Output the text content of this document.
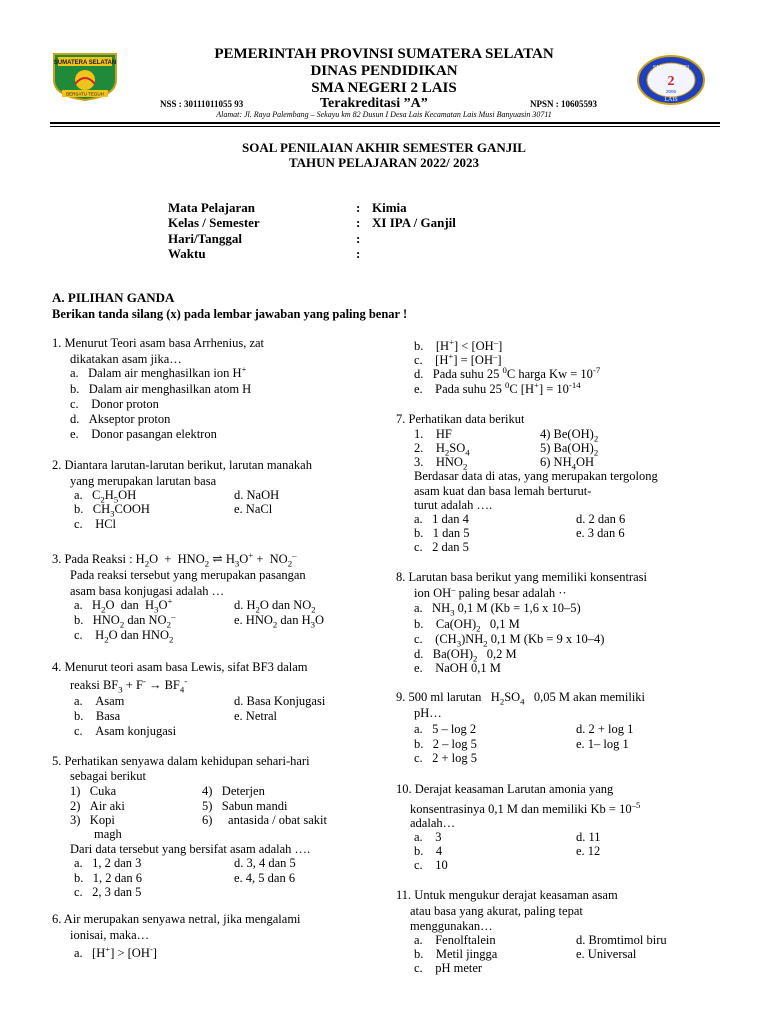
SUMATERA SELATAN
BERSATU TEGUH
SMA NEGERI
2
2006
LAIS
PEMERINTAH PROVINSI SUMATERA SELATAN
DINAS PENDIDIKAN
SMA NEGERI 2 LAIS
NSS : 30111011055 93	Terakreditasi ”A”	NPSN : 10605593
Alamat: Jl. Raya Palembang – Sekayu km 82 Dusun I Desa Lais Kecamatan Lais Musi Banyuasin 30711
SOAL PENILAIAN AKHIR SEMESTER GANJIL
TAHUN PELAJARAN 2022/ 2023
Mata Pelajaran	: Kimia
Kelas / Semester	: XI IPA / Ganjil
Hari/Tanggal	:
Waktu	:
A. PILIHAN GANDA
Berikan tanda silang (x) pada lembar jawaban yang paling benar !
1. Menurut Teori asam basa Arrhenius, zat
dikatakan asam jika…
a.   Dalam air menghasilkan ion H+
b.   Dalam air menghasilkan atom H
c.    Donor proton
d.   Akseptor proton
e.    Donor pasangan elektron
2. Diantara larutan-larutan berikut, larutan manakah
yang merupakan larutan basa
a.   $C_2H_5OH$	d. NaOH
b.   $CH_3COOH$	e. NaCl
c.    HCl
3. Pada Reaksi : $H_2O + HNO_2$ ⇌ $H_3O^+ + NO_2^-$
Pada reaksi tersebut yang merupakan pasangan
asam basa konjugasi adalah …
a.   $H_2O$  dan  $H_3O^+$	d. $H_2O$ dan $NO_2$
b.   $HNO_2$ dan $NO_2^-$	e. $HNO_2$ dan $H_3O$
c.    $H_2O$ dan $HNO_2$
4. Menurut teori asam basa Lewis, sifat BF3 dalam
reaksi $BF_3 + F^- \to BF_4^-$
a.    Asam	d. Basa Konjugasi
b.    Basa	e. Netral
c.    Asam konjugasi
5. Perhatikan senyawa dalam kehidupan sehari-hari
sebagai berikut
1)   Cuka	4)   Deterjen
2)   Air aki	5)   Sabun mandi
3)   Kopi	6)     antasida / obat sakit
magh
Dari data tersebut yang bersifat asam adalah ….
a.   1, 2 dan 3	d. 3, 4 dan 5
b.   1, 2 dan 6	e. 4, 5 dan 6
c.   2, 3 dan 5
6. Air merupakan senyawa netral, jika mengalami
ionisai, maka…
a.   [H+] > [OH-]
b.    [H+] < [OH–]
c.    [H+] = [OH–]
d.   Pada suhu 25 $^0$C harga $Kw = 10^{-7}$
e.    Pada suhu 25 $^0$C $[H^+] = 10^{-14}$
7. Perhatikan data berikut
1.    HF	4) $Be(OH)_2$
2.    $H_2SO_4$	5) $Ba(OH)_2$
3.    $HNO_2$	6) $NH_4OH$
Berdasar data di atas, yang merupakan tergolong
asam kuat dan basa lemah berturut-
turut adalah ….
a.   1 dan 4	d. 2 dan 6
b.   1 dan 5	e. 3 dan 6
c.   2 dan 5
8. Larutan basa berikut yang memiliki konsentrasi
ion OH– paling besar adalah ··
a.   $NH_3$ 0,1 M (Kb = 1,6 x 10–5)
b.    $Ca(OH)_2$ 0,1 M
c.    $(CH_3)NH_2$ 0,1 M (Kb = 9 x 10–4)
d.   $Ba(OH)_2$ 0,2 M
e.    NaOH 0,1 M
9. 500 ml larutan   $H_2SO_4$ 0,05 M akan memiliki
pH…
a.   5 – log 2	d. 2 + log 1
b.   2 – log 5	e. 1– log 1
c.   2 + log 5
10. Derajat keasaman Larutan amonia yang
konsentrasinya 0,1 M dan memiliki $Kb = 10^{-5}$
adalah…
a.    3	d. 11
b.    4	e. 12
c.    10
11. Untuk mengukur derajat keasaman asam
atau basa yang akurat, paling tepat
menggunakan…
a.    Fenolftalein	d. Bromtimol biru
b.    Metil jingga	e. Universal
c.    pH meter
